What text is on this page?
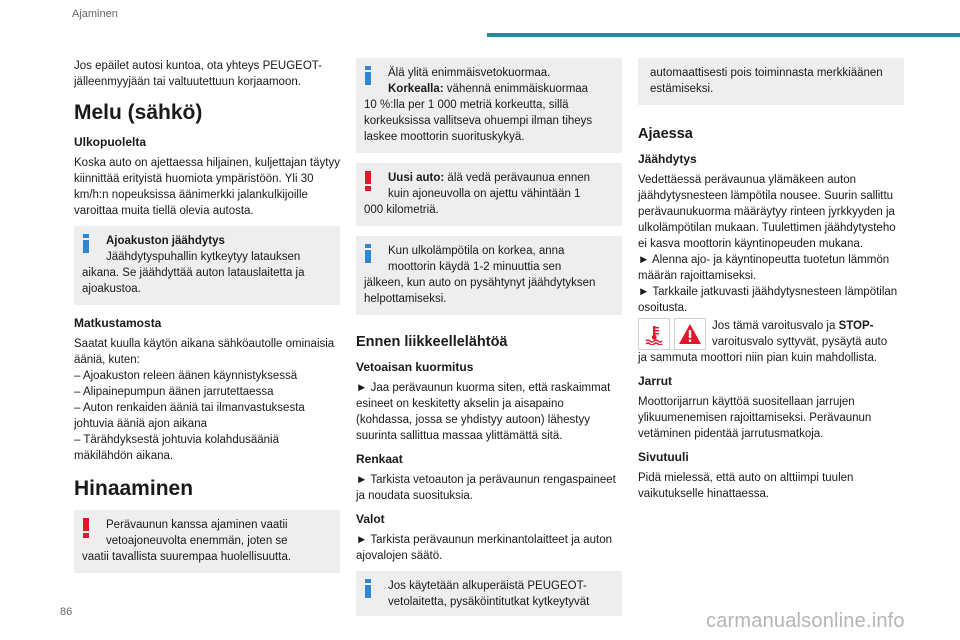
Ajaminen

Jos epäilet autosi kuntoa, ota yhteys PEUGEOT-jälleenmyyjään tai valtuutettuun korjaamoon.

Melu (sähkö)
Ulkopuolelta

Koska auto on ajettaessa hiljainen, kuljettajan täytyy kiinnittää erityistä huomiota ympäristöön. Yli 30 km/h:n nopeuksissa äänimerkki jalankulkijoille varoittaa muita tiellä olevia autosta.

Ajoakuston jäähdytys

Jäähdytyspuhallin kytkeytyy latauksen

aikana. Se jäähdyttää auton latauslaitetta ja ajoakustoa.

Matkustamosta

Saatat kuulla käytön aikana sähköautolle ominaisia ääniä, kuten:

– Ajoakuston releen äänen käynnistyksessä

– Alipainepumpun äänen jarrutettaessa

– Auton renkaiden ääniä tai ilmanvastuksesta johtuvia ääniä ajon aikana

– Tärähdyksestä johtuvia kolahdusääniä mäkilähdön aikana.

Hinaaminen

Perävaunun kanssa ajaminen vaatii

vetoajoneuvolta enemmän, joten se

vaatii tavallista suurempaa huolellisuutta.

Älä ylitä enimmäisvetokuormaa.

Korkealla: vähennä enimmäiskuormaa

10 %:lla per 1 000 metriä korkeutta, sillä korkeuksissa vallitseva ohuempi ilman tiheys laskee moottorin suorituskykyä.

Uusi auto: älä vedä perävaunua ennen

kuin ajoneuvolla on ajettu vähintään 1

000 kilometriä.

Kun ulkolämpötila on korkea, anna

moottorin käydä 1-2 minuuttia sen

jälkeen, kun auto on pysähtynyt jäähdytyksen helpottamiseksi.

Ennen liikkeellelähtöä
Vetoaisan kuormitus

► Jaa perävaunun kuorma siten, että raskaimmat esineet on keskitetty akselin ja aisapaino (kohdassa, jossa se yhdistyy autoon) lähestyy suurinta sallittua massaa ylittämättä sitä.

Renkaat

► Tarkista vetoauton ja perävaunun rengaspaineet ja noudata suosituksia.

Valot

► Tarkista perävaunun merkinantolaitteet ja auton ajovalojen säätö.

Jos käytetään alkuperäistä PEUGEOT-

vetolaitetta, pysäköintitutkat kytkeytyvät

automaattisesti pois toiminnasta merkkiäänen estämiseksi.

Ajaessa
Jäähdytys

Vedettäessä perävaunua ylämäkeen auton jäähdytysnesteen lämpötila nousee. Suurin sallittu perävaunukuorma määräytyy rinteen jyrkkyyden ja ulkolämpötilan mukaan. Tuulettimen jäähdytysteho ei kasva moottorin käyntinopeuden mukana.

► Alenna ajo- ja käyntinopeutta tuotetun lämmön määrän rajoittamiseksi.

► Tarkkaile jatkuvasti jäähdytysnesteen lämpötilan osoitusta.

Jos tämä varoitusvalo ja STOP-

varoitusvalo syttyvät, pysäytä auto

ja sammuta moottori niin pian kuin mahdollista.

Jarrut

Moottorijarrun käyttöä suositellaan jarrujen ylikuumenemisen rajoittamiseksi. Perävaunun vetäminen pidentää jarrutusmatkoja.

Sivutuuli

Pidä mielessä, että auto on alttiimpi tuulen vaikutukselle hinattaessa.

86	carmanualsonline.info
